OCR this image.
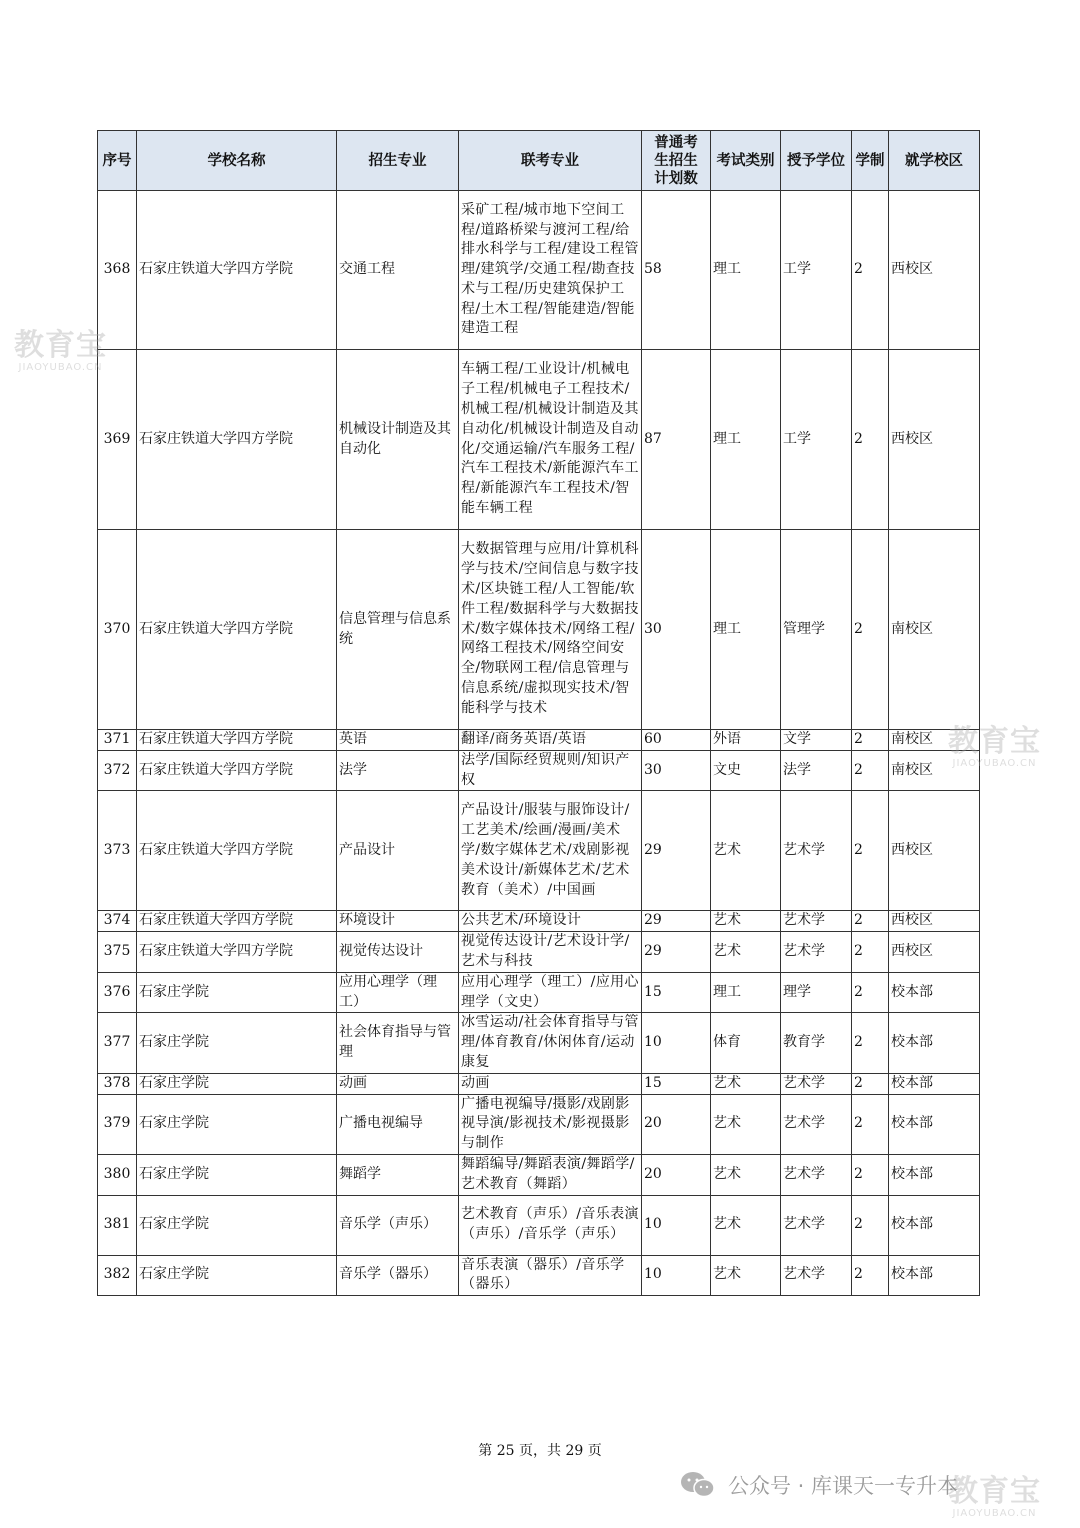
序号	学校名称	招生专业	联考专业	普通考生招生计划数	考试类别	授予学位	学制	就学校区
368	石家庄铁道大学四方学院	交通工程	采矿工程/城市地下空间工程/道路桥梁与渡河工程/给排水科学与工程/建设工程管理/建筑学/交通工程/勘查技术与工程/历史建筑保护工程/土木工程/智能建造/智能建造工程	58	理工	工学	2	西校区
369	石家庄铁道大学四方学院	机械设计制造及其自动化	车辆工程/工业设计/机械电子工程/机械电子工程技术/机械工程/机械设计制造及其自动化/机械设计制造及自动化/交通运输/汽车服务工程/汽车工程技术/新能源汽车工程/新能源汽车工程技术/智能车辆工程	87	理工	工学	2	西校区
370	石家庄铁道大学四方学院	信息管理与信息系统	大数据管理与应用/计算机科学与技术/空间信息与数字技术/区块链工程/人工智能/软件工程/数据科学与大数据技术/数字媒体技术/网络工程/网络工程技术/网络空间安全/物联网工程/信息管理与信息系统/虚拟现实技术/智能科学与技术	30	理工	管理学	2	南校区
371	石家庄铁道大学四方学院	英语	翻译/商务英语/英语	60	外语	文学	2	南校区
372	石家庄铁道大学四方学院	法学	法学/国际经贸规则/知识产权	30	文史	法学	2	南校区
373	石家庄铁道大学四方学院	产品设计	产品设计/服装与服饰设计/工艺美术/绘画/漫画/美术学/数字媒体艺术/戏剧影视美术设计/新媒体艺术/艺术教育（美术）/中国画	29	艺术	艺术学	2	西校区
374	石家庄铁道大学四方学院	环境设计	公共艺术/环境设计	29	艺术	艺术学	2	西校区
375	石家庄铁道大学四方学院	视觉传达设计	视觉传达设计/艺术设计学/艺术与科技	29	艺术	艺术学	2	西校区
376	石家庄学院	应用心理学（理工）	应用心理学（理工）/应用心理学（文史）	15	理工	理学	2	校本部
377	石家庄学院	社会体育指导与管理	冰雪运动/社会体育指导与管理/体育教育/休闲体育/运动康复	10	体育	教育学	2	校本部
378	石家庄学院	动画	动画	15	艺术	艺术学	2	校本部
379	石家庄学院	广播电视编导	广播电视编导/摄影/戏剧影视导演/影视技术/影视摄影与制作	20	艺术	艺术学	2	校本部
380	石家庄学院	舞蹈学	舞蹈编导/舞蹈表演/舞蹈学/艺术教育（舞蹈）	20	艺术	艺术学	2	校本部
381	石家庄学院	音乐学（声乐）	艺术教育（声乐）/音乐表演（声乐）/音乐学（声乐）	10	艺术	艺术学	2	校本部
382	石家庄学院	音乐学（器乐）	音乐表演（器乐）/音乐学（器乐）	10	艺术	艺术学	2	校本部
教育宝
JIAOYUBAO.CN
教育宝
JIAOYUBAO.CN
教育宝
JIAOYUBAO.CN
第 25 页，共 29 页
公众号 · 库课天一专升本
